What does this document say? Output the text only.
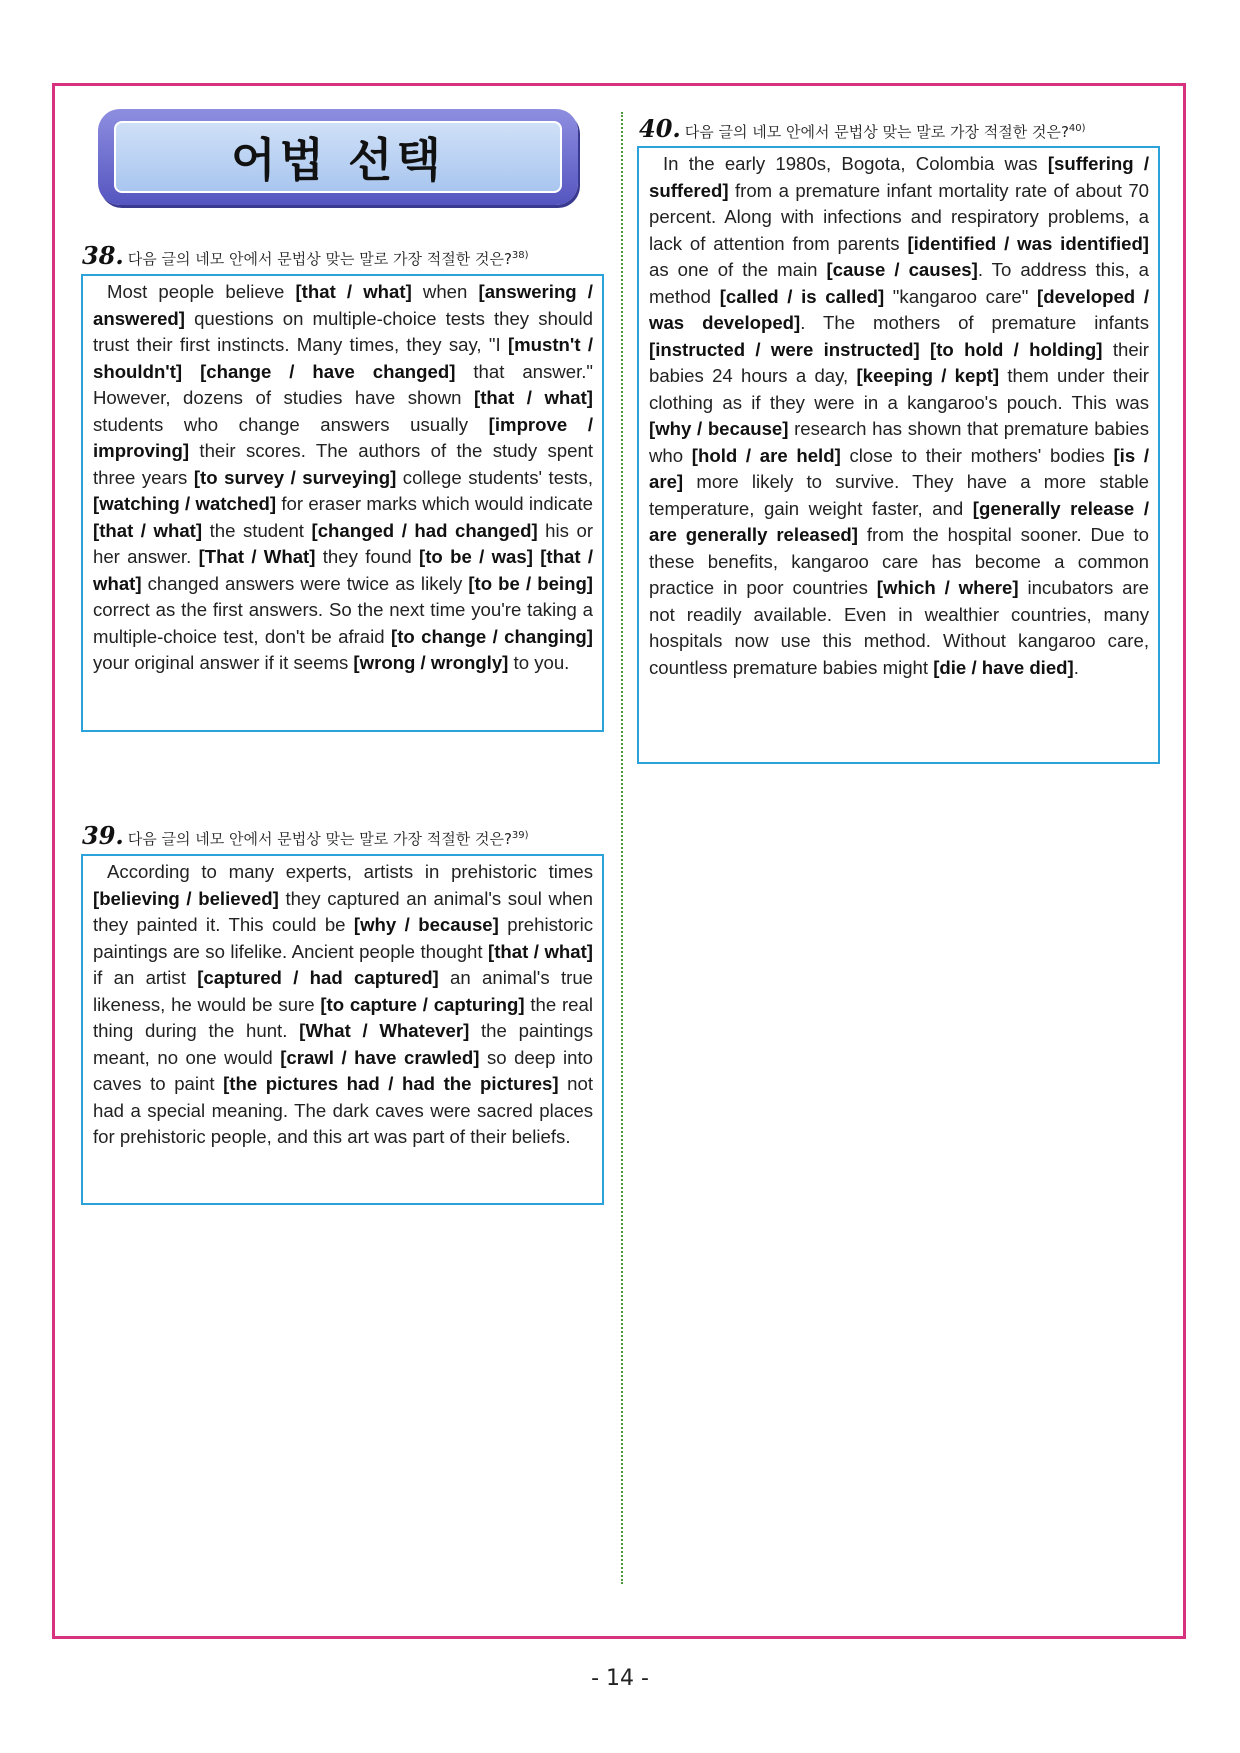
어법 선택
38. 다음 글의 네모 안에서 문법상 맞는 말로 가장 적절한 것은?$^{38)}$

Most people believe [that / what] when [answering / answered] questions on multiple-choice tests they should trust their first instincts. Many times, they say, "I [mustn't / shouldn't] [change / have changed] that answer." However, dozens of studies have shown [that / what] students who change answers usually [improve / improving] their scores. The authors of the study spent three years [to survey / surveying] college students' tests, [watching / watched] for eraser marks which would indicate [that / what] the student [changed / had changed] his or her answer. [That / What] they found [to be / was] [that / what] changed answers were twice as likely [to be / being] correct as the first answers. So the next time you're taking a multiple-choice test, don't be afraid [to change / changing] your original answer if it seems [wrong / wrongly] to you.

39. 다음 글의 네모 안에서 문법상 맞는 말로 가장 적절한 것은?$^{39)}$

According to many experts, artists in prehistoric times [believing / believed] they captured an animal's soul when they painted it. This could be [why / because] prehistoric paintings are so lifelike. Ancient people thought [that / what] if an artist [captured / had captured] an animal's true likeness, he would be sure [to capture / capturing] the real thing during the hunt. [What / Whatever] the paintings meant, no one would [crawl / have crawled] so deep into caves to paint [the pictures had / had the pictures] not had a special meaning. The dark caves were sacred places for prehistoric people, and this art was part of their beliefs.

40. 다음 글의 네모 안에서 문법상 맞는 말로 가장 적절한 것은?$^{40)}$

In the early 1980s, Bogota, Colombia was [suffering / suffered] from a premature infant mortality rate of about 70 percent. Along with infections and respiratory problems, a lack of attention from parents [identified / was identified] as one of the main [cause / causes]. To address this, a method [called / is called] "kangaroo care" [developed / was developed]. The mothers of premature infants [instructed / were instructed] [to hold / holding] their babies 24 hours a day, [keeping / kept] them under their clothing as if they were in a kangaroo's pouch. This was [why / because] research has shown that premature babies who [hold / are held] close to their mothers' bodies [is / are] more likely to survive. They have a more stable temperature, gain weight faster, and [generally release / are generally released] from the hospital sooner. Due to these benefits, kangaroo care has become a common practice in poor countries [which / where] incubators are not readily available. Even in wealthier countries, many hospitals now use this method. Without kangaroo care, countless premature babies might [die / have died].

- 14 -
